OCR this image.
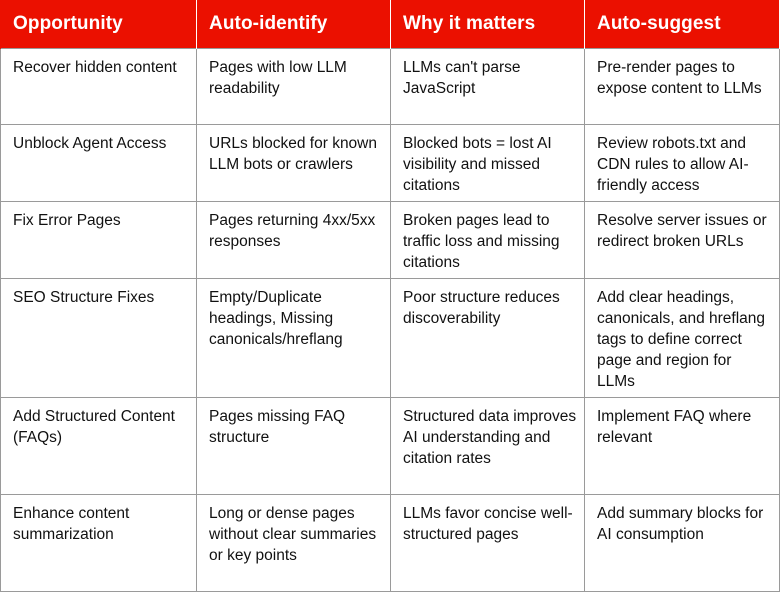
Opportunity	Auto-identify	Why it matters	Auto-suggest
Recover hidden content	Pages with low LLM readability	LLMs can't parse JavaScript	Pre-render pages to expose content to LLMs
Unblock Agent Access	URLs blocked for known LLM bots or crawlers	Blocked bots = lost AI visibility and missed citations	Review robots.txt and CDN rules to allow AI-friendly access
Fix Error Pages	Pages returning 4xx/5xx responses	Broken pages lead to traffic loss and missing citations	Resolve server issues or redirect broken URLs
SEO Structure Fixes	Empty/Duplicate headings, Missing canonicals/hreflang	Poor structure reduces discoverability	Add clear headings, canonicals, and hreflang tags to define correct page and region for LLMs
Add Structured Content (FAQs)	Pages missing FAQ structure	Structured data improves AI understanding and citation rates	Implement FAQ where relevant
Enhance content summarization	Long or dense pages without clear summaries or key points	LLMs favor concise well-structured pages	Add summary blocks for AI consumption
